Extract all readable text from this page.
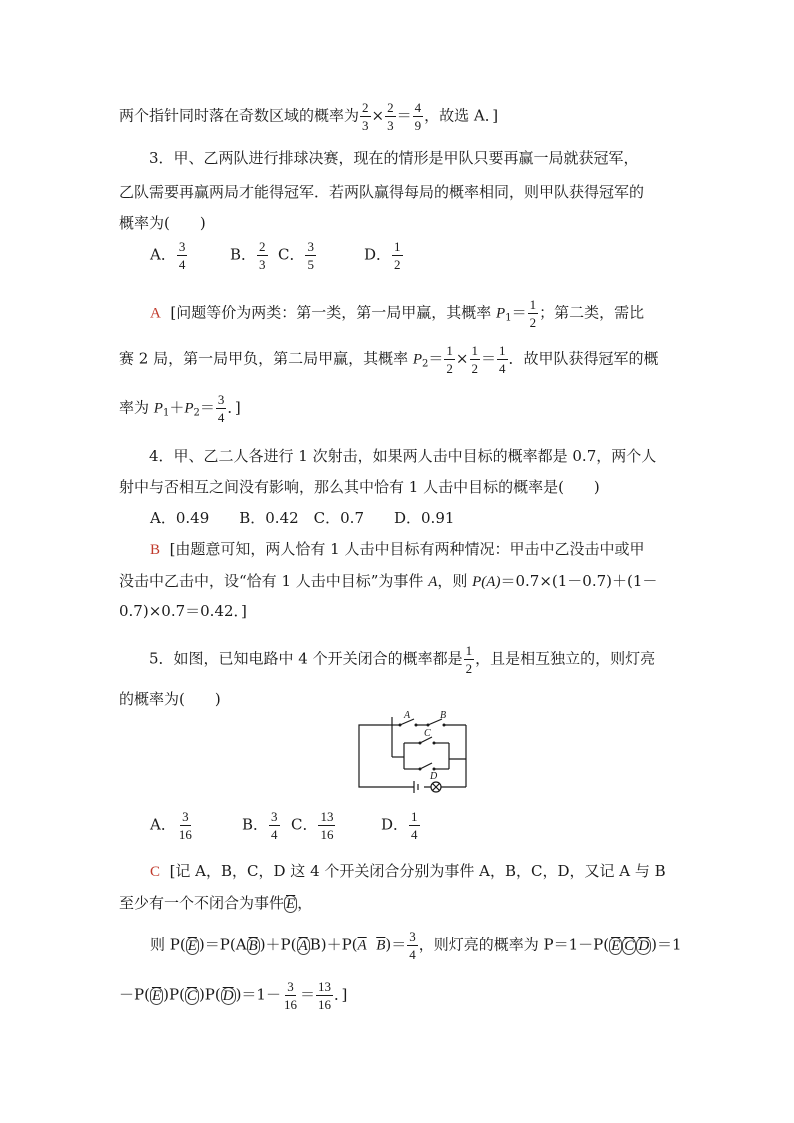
两个指针同时落在奇数区域的概率为 $\frac{2}{3} \times \frac{2}{3} = \frac{4}{9}$ ，故选 A．]
3．甲、乙两队进行排球决赛，现在的情形是甲队只要再赢一局就获冠军，
乙队需要再赢两局才能得冠军．若两队赢得每局的概率相同，则甲队获得冠军的
概率为(　　)
A． $\frac{3}{4}$	B． $\frac{2}{3}$ C． $\frac{3}{5}$	D． $\frac{1}{2}$
A [问题等价为两类：第一类，第一局甲赢，其概率 $P_1= \frac{1}{2}$ ；第二类，需比
赛 2 局，第一局甲负，第二局甲赢，其概率 $P_2= \frac{1}{2} \times \frac{1}{2} = \frac{1}{4}$ ．故甲队获得冠军的概
率为 $P_1+P_2= \frac{3}{4}$ ．]
4．甲、乙二人各进行 1 次射击，如果两人击中目标的概率都是 0.7，两个人
射中与否相互之间没有影响，那么其中恰有 1 人击中目标的概率是(　　)
A．0.49　　B．0.42　C．0.7　　D．0.91
B [由题意可知，两人恰有 1 人击中目标有两种情况：甲击中乙没击中或甲
没击中乙击中，设“恰有 1 人击中目标”为事件 A，则 P(A)＝0.7×(1－0.7)＋(1－
0.7)×0.7＝0.42．]
5．如图，已知电路中 4 个开关闭合的概率都是 $\frac{1}{2}$ ，且是相互独立的，则灯亮
的概率为(　　)
A	B
C
D
A． $\frac{3}{16}$	B． $\frac{3}{4}$ C． $\frac{13}{16}$	D． $\frac{1}{4}$
C [记 A，B，C，D 这 4 个开关闭合分别为事件 A，B，C，D，又记 A 与 B
至少有一个不闭合为事件 $\overline{E}$ ，
则 P( $\overline{E}$ )＝P(A $\overline{B}$ )＋P( $\overline{A}$ $B)+P(\overline{A}$ $\overline{B})= \frac{3}{4}$ ，则灯亮的概率为 P＝1－P( $\overline{E}$ $\overline{C}$ $\overline{D}$ )＝1
－P( $\overline{E}$ )P( $\overline{C}$ )P( $\overline{D}$ )$=1- \frac{3}{16} = \frac{13}{16}$ ．]
